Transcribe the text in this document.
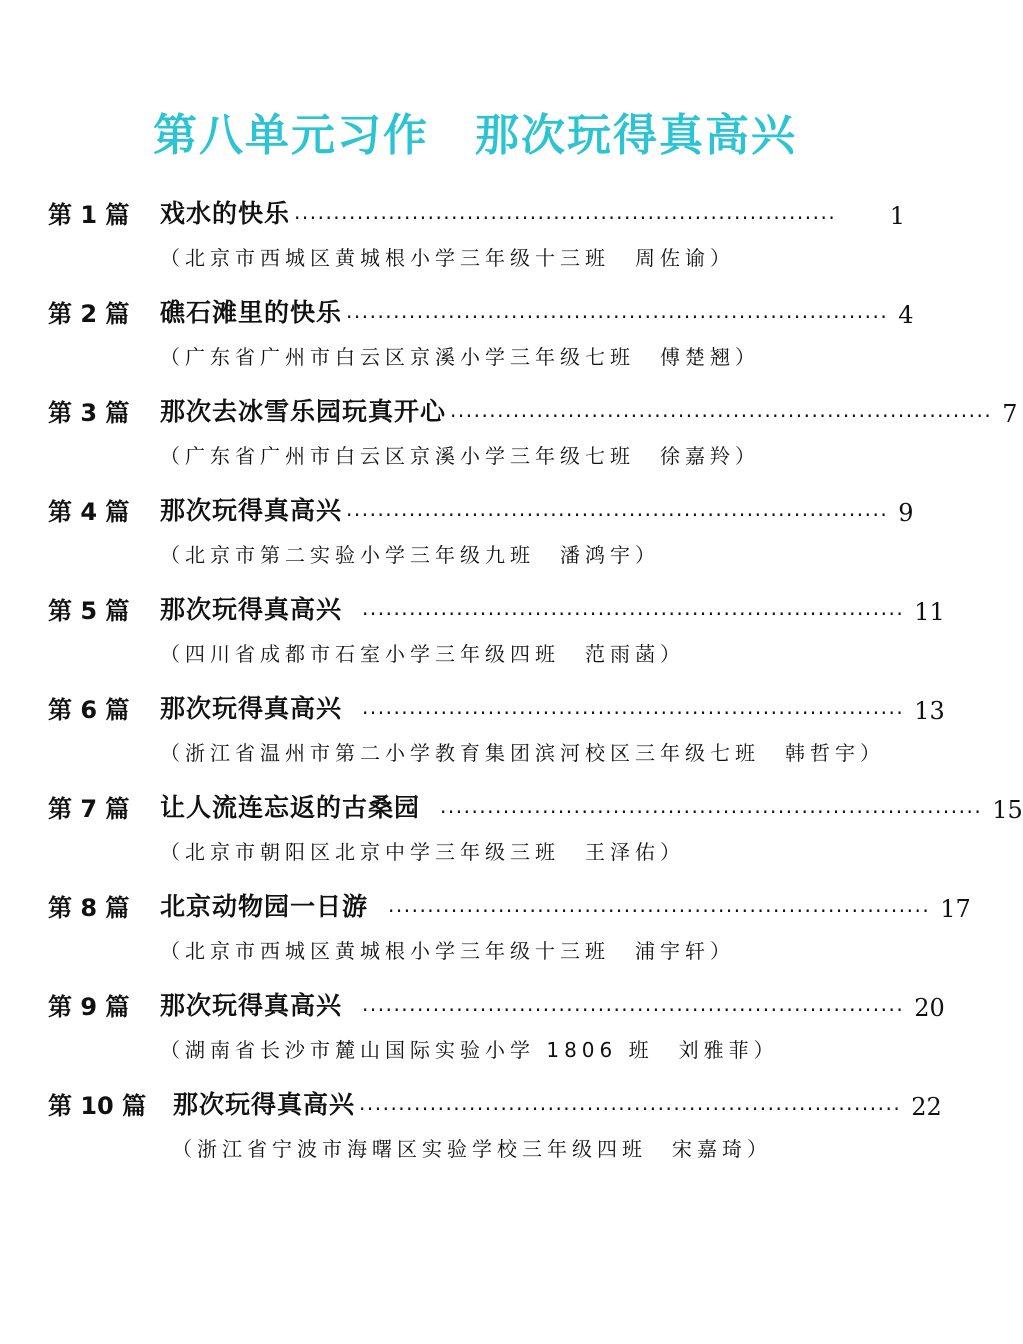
第八单元习作　那次玩得真高兴
第 1 篇	戏水的快乐 ·····································································	1
（北京市西城区黄城根小学三年级十三班　周佐谕）
第 2 篇	礁石滩里的快乐 ····································································· 4
（广东省广州市白云区京溪小学三年级七班　傅楚翘）
第 3 篇	那次去冰雪乐园玩真开心 ····································································· 7
（广东省广州市白云区京溪小学三年级七班　徐嘉羚）
第 4 篇	那次玩得真高兴 ····································································· 9
（北京市第二实验小学三年级九班　潘鸿宇）
第 5 篇	那次玩得真高兴 ····································································· 11
（四川省成都市石室小学三年级四班　范雨菡）
第 6 篇	那次玩得真高兴 ····································································· 13
（浙江省温州市第二小学教育集团滨河校区三年级七班　韩哲宇）
第 7 篇	让人流连忘返的古桑园 ····································································· 15
（北京市朝阳区北京中学三年级三班　王泽佑）
第 8 篇	北京动物园一日游 ····································································· 17
（北京市西城区黄城根小学三年级十三班　浦宇轩）
第 9 篇	那次玩得真高兴 ····································································· 20
（湖南省长沙市麓山国际实验小学 1806 班　刘雅菲）
第 10 篇	那次玩得真高兴 ····································································· 22
（浙江省宁波市海曙区实验学校三年级四班　宋嘉琦）
